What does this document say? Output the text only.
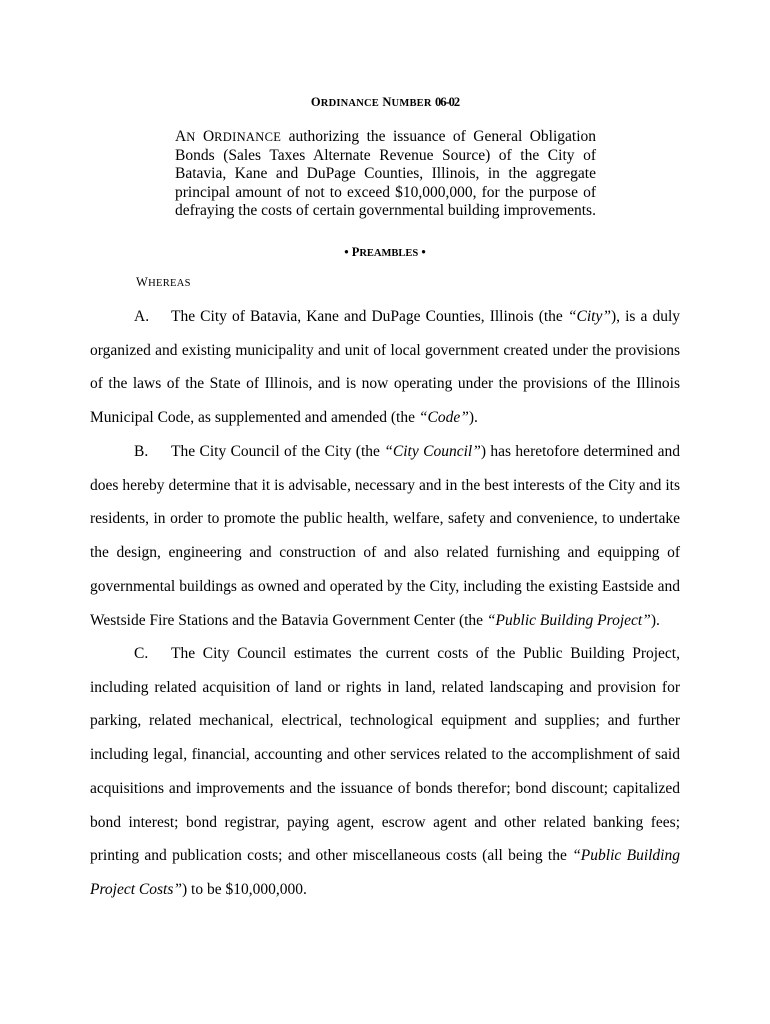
ORDINANCE NUMBER 06-02
AN ORDINANCE authorizing the issuance of General Obligation Bonds (Sales Taxes Alternate Revenue Source) of the City of Batavia, Kane and DuPage Counties, Illinois, in the aggregate principal amount of not to exceed $10,000,000, for the purpose of defraying the costs of certain governmental building improvements.
• PREAMBLES •
WHEREAS
A. The City of Batavia, Kane and DuPage Counties, Illinois (the “City”), is a duly organized and existing municipality and unit of local government created under the provisions of the laws of the State of Illinois, and is now operating under the provisions of the Illinois Municipal Code, as supplemented and amended (the “Code”).
B. The City Council of the City (the “City Council”) has heretofore determined and does hereby determine that it is advisable, necessary and in the best interests of the City and its residents, in order to promote the public health, welfare, safety and convenience, to undertake the design, engineering and construction of and also related furnishing and equipping of governmental buildings as owned and operated by the City, including the existing Eastside and Westside Fire Stations and the Batavia Government Center (the “Public Building Project”).
C. The City Council estimates the current costs of the Public Building Project, including related acquisition of land or rights in land, related landscaping and provision for parking, related mechanical, electrical, technological equipment and supplies; and further including legal, financial, accounting and other services related to the accomplishment of said acquisitions and improvements and the issuance of bonds therefor; bond discount; capitalized bond interest; bond registrar, paying agent, escrow agent and other related banking fees; printing and publication costs; and other miscellaneous costs (all being the “Public Building Project Costs”) to be $10,000,000.
